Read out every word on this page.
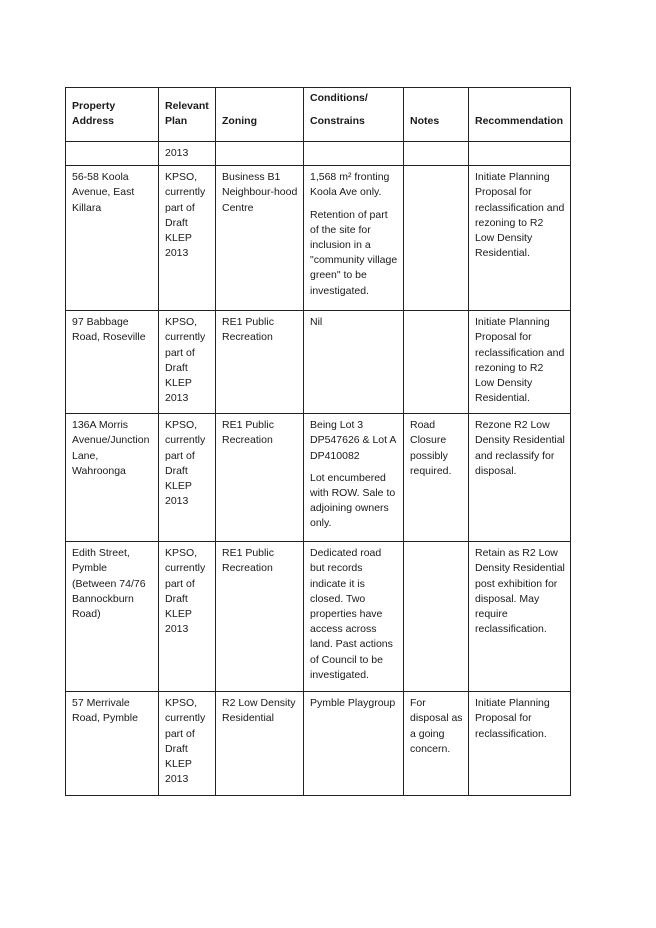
Property Address	Relevant Plan	Zoning	Conditions/
Constrains	Notes	Recommendation
	2013				
56-58 Koola Avenue, East Killara	KPSO, currently part of Draft KLEP 2013	Business B1 Neighbour-hood Centre	1,568 m² fronting Koola Ave only.
Retention of part of the site for inclusion in a "community village green" to be investigated.		Initiate Planning Proposal for reclassification and rezoning to R2 Low Density Residential.
97 Babbage Road, Roseville	KPSO, currently part of Draft KLEP 2013	RE1 Public Recreation	Nil		Initiate Planning Proposal for reclassification and rezoning to R2 Low Density Residential.
136A Morris Avenue/Junction Lane, Wahroonga	KPSO, currently part of Draft KLEP 2013	RE1 Public Recreation	Being Lot 3 DP547626 & Lot A DP410082
Lot encumbered with ROW. Sale to adjoining owners only.	Road Closure possibly required.	Rezone R2 Low Density Residential and reclassify for disposal.
Edith Street, Pymble (Between 74/76 Bannockburn Road)	KPSO, currently part of Draft KLEP 2013	RE1 Public Recreation	Dedicated road but records indicate it is closed. Two properties have access across land. Past actions of Council to be investigated.		Retain as R2 Low Density Residential post exhibition for disposal. May require reclassification.
57 Merrivale Road, Pymble	KPSO, currently part of Draft KLEP 2013	R2 Low Density Residential	Pymble Playgroup	For disposal as a going concern.	Initiate Planning Proposal for reclassification.
